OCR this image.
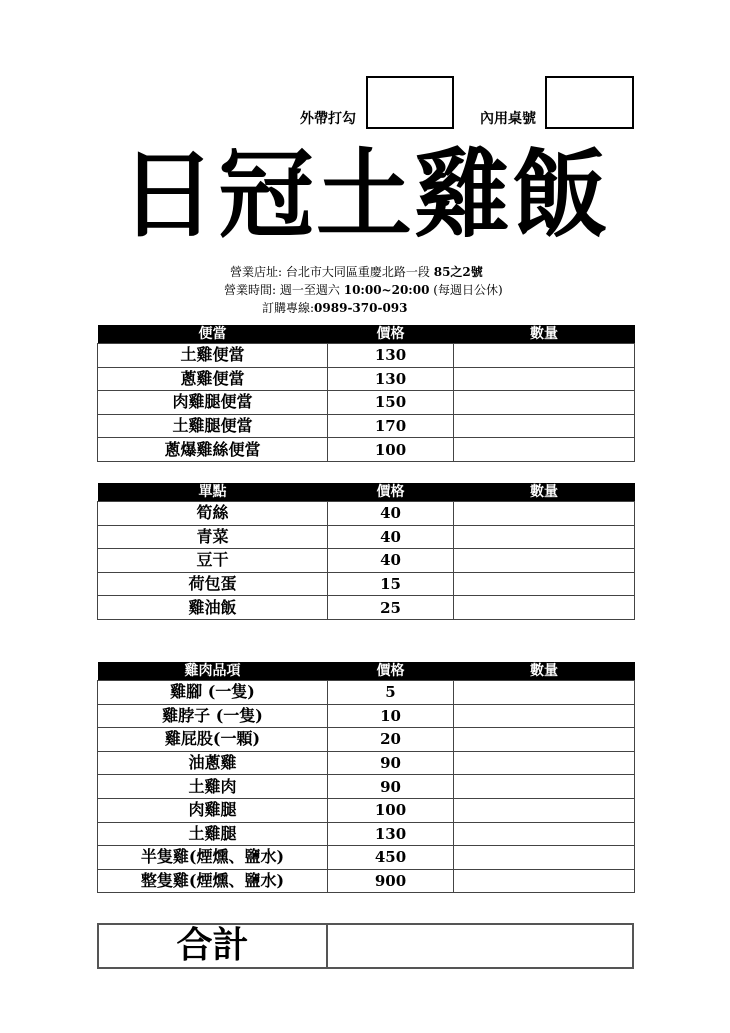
外帶打勾	內用桌號
日冠土雞飯
營業店址: 台北市大同區重慶北路一段 85之2號
營業時間: 週一至週六 10:00~20:00 (每週日公休)
訂購專線:0989-370-093
便當	價格	數量
土雞便當	130	
蔥雞便當	130	
肉雞腿便當	150	
土雞腿便當	170	
蔥爆雞絲便當	100	
單點	價格	數量
筍絲	40	
青菜	40	
豆干	40	
荷包蛋	15	
雞油飯	25	
雞肉品項	價格	數量
雞腳 (一隻)	5	
雞脖子 (一隻)	10	
雞屁股(一顆)	20	
油蔥雞	90	
土雞肉	90	
肉雞腿	100	
土雞腿	130	
半隻雞(煙燻、鹽水)	450	
整隻雞(煙燻、鹽水)	900	
合計
